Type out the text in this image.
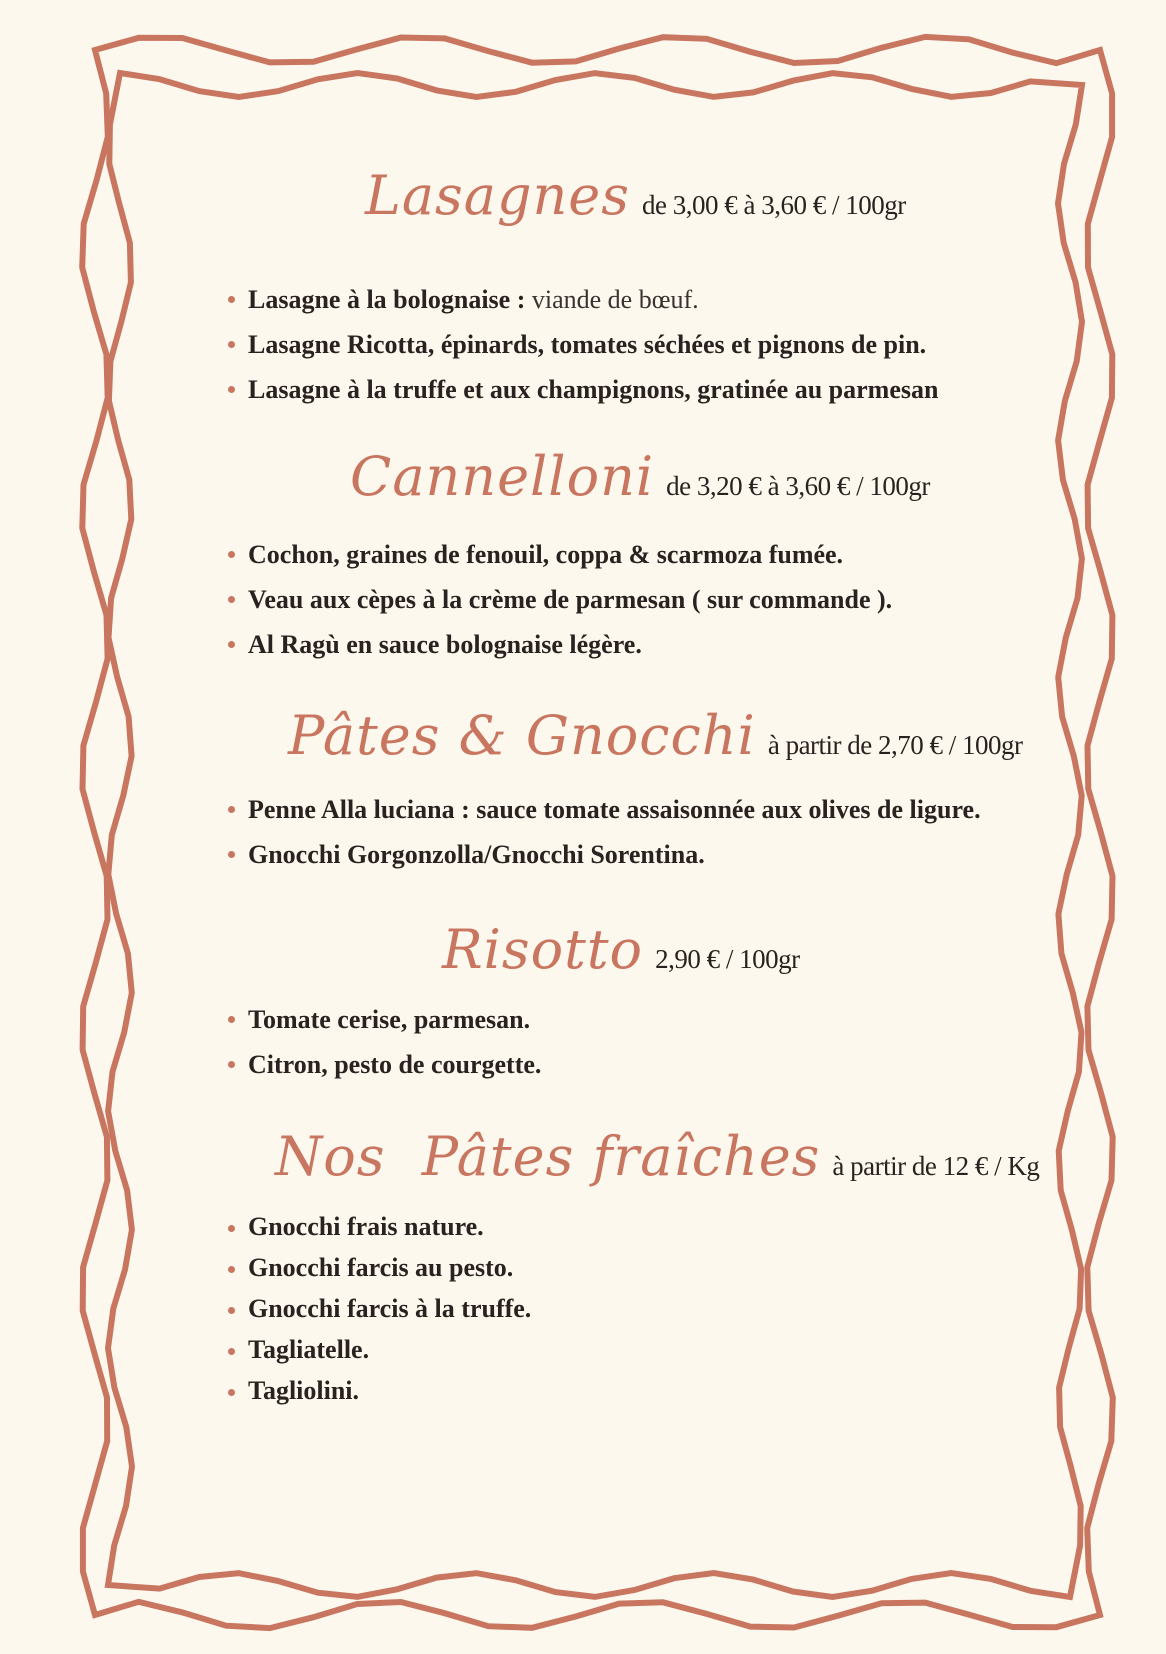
Lasagnes de 3,00 € à 3,60 € / 100gr
Lasagne à la bolognaise : viande de bœuf.
Lasagne Ricotta, épinards, tomates séchées et pignons de pin.
Lasagne à la truffe et aux champignons, gratinée au parmesan
Cannelloni de 3,20 € à 3,60 € / 100gr
Cochon, graines de fenouil, coppa & scarmoza fumée.
Veau aux cèpes à la crème de parmesan ( sur commande ).
Al Ragù en sauce bolognaise légère.
Pâtes & Gnocchi à partir de 2,70 € / 100gr
Penne Alla luciana : sauce tomate assaisonnée aux olives de ligure.
Gnocchi Gorgonzolla/Gnocchi Sorentina.
Risotto 2,90 € / 100gr
Tomate cerise, parmesan.
Citron, pesto de courgette.
Nos  Pâtes fraîches à partir de 12 € / Kg
Gnocchi frais nature.
Gnocchi farcis au pesto.
Gnocchi farcis à la truffe.
Tagliatelle.
Tagliolini.
